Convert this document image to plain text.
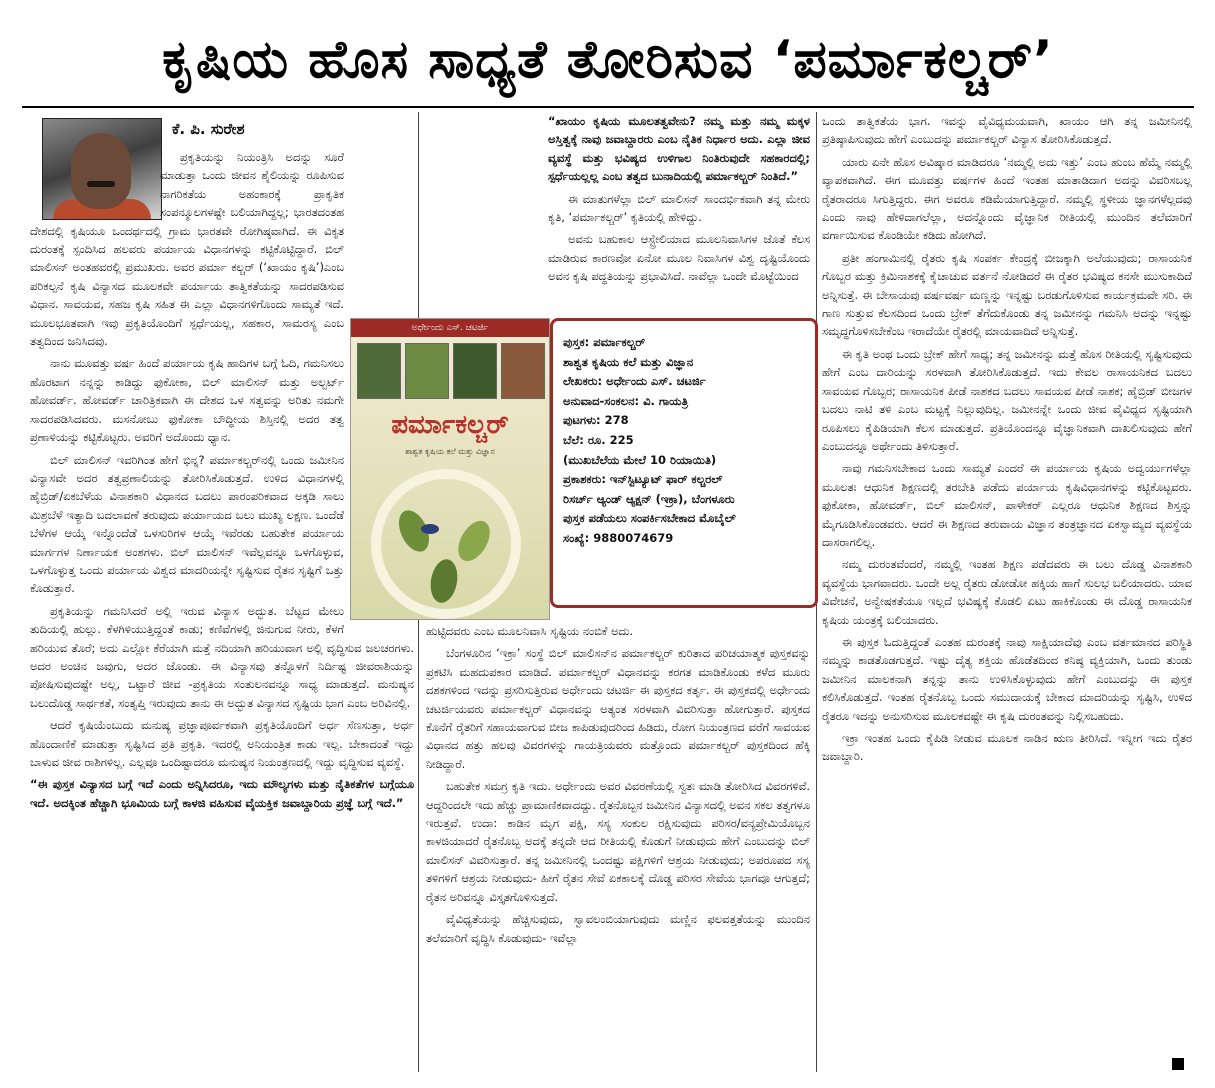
ಕೃಷಿಯ ಹೊಸ ಸಾಧ್ಯತೆ ತೋರಿಸುವ ‘ಪರ್ಮಾಕಲ್ಚರ್’
ಕೆ. ಪಿ. ಸುರೇಶ

ಪ್ರಕೃತಿಯನ್ನು ನಿಯಂತ್ರಿಸಿ ಅದನ್ನು ಸೂರೆ ಮಾಡುತ್ತಾ ಒಂದು ಜೀವನ ಶೈಲಿಯನ್ನು ರೂಪಿಸುವ ನಾಗರಿಕತೆಯ ಅಹಂಕಾರಕ್ಕೆ ಪ್ರಾಕೃತಿಕ ಸಂಪನ್ಮೂಲಗಳಷ್ಟೇ ಬಲಿಯಾಗಿದ್ದಲ್ಲ; ಭಾರತದಂತಹ ದೇಶದಲ್ಲಿ ಕೃಷಿಯೂ ಒಂದರ್ಥದಲ್ಲಿ ಗ್ರಾಮ ಭಾರತವೇ ರೋಗಿಷ್ಠವಾಗಿದೆ. ಈ ವಿಕೃತ ದುರಂತಕ್ಕೆ ಸ್ಪಂದಿಸಿದ ಹಲವರು ಪರ್ಯಾಯ ವಿಧಾನಗಳನ್ನು ಕಟ್ಟಿಕೊಟ್ಟಿದ್ದಾರೆ. ಬಿಲ್ ಮಾಲಿಸನ್ ಅಂತಹವರಲ್ಲಿ ಪ್ರಮುಖರು. ಅವರ ಪರ್ಮಾ ಕಲ್ಚರ್ (‘ಖಾಯಂ ಕೃಷಿ’)ಎಂಬ ಪರಿಕಲ್ಪನೆ ಕೃಷಿ ವಿನ್ಯಾಸದ ಮೂಲಕವೇ ಪರ್ಯಾಯ ತಾತ್ವಿಕತೆಯನ್ನು ಸಾದರಪಡಿಸುವ ವಿಧಾನ. ಸಾವಯವ, ಸಹಜ ಕೃಷಿ ಸಹಿತ ಈ ಎಲ್ಲಾ ವಿಧಾನಗಳಿಗೊಂದು ಸಾಮ್ಯತೆ ಇದೆ. ಮೂಲಭೂತವಾಗಿ ಇವು ಪ್ರಕೃತಿಯೊಂದಿಗೆ ಸ್ಪರ್ಧೆಯಲ್ಲ, ಸಹಕಾರ, ಸಾಮರಸ್ಯ ಎಂಬ ತತ್ವದಿಂದ ಜನಿಸಿದವು.

ನಾನು ಮೂವತ್ತು ವರ್ಷ ಹಿಂದೆ ಪರ್ಯಾಯ ಕೃಷಿ ಹಾದಿಗಳ ಬಗ್ಗೆ ಓದಿ, ಗಮನಿಸಲು ಹೊರಟಾಗ ನನ್ನನ್ನು ಕಾಡಿದ್ದು ಫುಕೋಕಾ, ಬಿಲ್ ಮಾಲಿಸನ್ ಮತ್ತು ಅಲ್ಬರ್ಟ್ ಹೋವರ್ಡ್. ಹೋವರ್ಡ್ ಚಾರಿತ್ರಿಕವಾಗಿ ಈ ದೇಶದ ಒಳ ಸತ್ವವನ್ನು ಅರಿತು ನಮಗೇ ಸಾದರಪಡಿಸಿದವರು. ಮಸನೋಬು ಫುಕೋಕಾ ಬೌದ್ಧೀಯ ಶಿಸ್ತಿನಲ್ಲಿ ಅದರ ತತ್ವ ಪ್ರಣಾಳಿಯನ್ನು ಕಟ್ಟಿಕೊಟ್ಟರು. ಅವರಿಗೆ ಅದೊಂದು ಧ್ಯಾನ.

ಬಿಲ್ ಮಾಲಿಸನ್ ಇವರಿಗಿಂತ ಹೇಗೆ ಭಿನ್ನ? ಪರ್ಮಾಕಲ್ಚರ್‌ನಲ್ಲಿ ಒಂದು ಜಮೀನಿನ ವಿನ್ಯಾಸವೇ ಅದರ ತತ್ವಪ್ರಣಾಲಿಯನ್ನು ತೋರಿಸಿಕೊಡುತ್ತದೆ. ಉಳಿದ ವಿಧಾನಗಳಲ್ಲಿ ಹೈಬ್ರಿಡ್/ಏಕಬೆಳೆಯ ವಿನಾಶಕಾರಿ ವಿಧಾನದ ಬದಲು ಪಾರಂಪರಿಕವಾದ ಅಕ್ಕಡಿ ಸಾಲು ಮಿಶ್ರಬೆಳೆ ಇತ್ಯಾದಿ ಬದಲಾವಣೆ ತರುವುದು ಪರ್ಯಾಯದ ಬಲು ಮುಖ್ಯ ಲಕ್ಷಣ. ಒಂದೆಡೆ ಬೆಳೆಗಳ ಆಯ್ಕೆ ಇನ್ನೊಂದೆಡೆ ಒಳಸುರಿಗಳ ಆಯ್ಕೆ ಇವೆರಡು ಬಹುತೇಕ ಪರ್ಯಾಯ ಮಾರ್ಗಗಳ ನಿರ್ಣಾಯಕ ಅಂಶಗಳು. ಬಿಲ್ ಮಾಲಿಸನ್ ಇವೆಲ್ಲವನ್ನೂ ಒಳಗೊಳ್ಳುವ, ಒಳಗೊಳ್ಳುತ್ತ ಒಂದು ಪರ್ಯಾಯ ವಿಶ್ವದ ಮಾದರಿಯನ್ನೇ ಸೃಷ್ಟಿಸುವ ರೈತನ ಸೃಷ್ಟಿಗೆ ಒತ್ತು ಕೊಡುತ್ತಾರೆ.

ಪ್ರಕೃತಿಯನ್ನು ಗಮನಿಸಿದರೆ ಅಲ್ಲಿ ಇರುವ ವಿನ್ಯಾಸ ಅದ್ಭುತ. ಬೆಟ್ಟದ ಮೇಲು ತುದಿಯಲ್ಲಿ ಹುಲ್ಲು. ಕೆಳಗಿಳಿಯುತ್ತಿದ್ದಂತೆ ಕಾಡು; ಕಣಿವೆಗಳಲ್ಲಿ ಜಿನುಗುವ ನೀರು, ಕೆಳಗೆ ಹರಿಯುವ ತೊರೆ; ಅದು ಎಲ್ಲೋ ಕೆರೆಯಾಗಿ ಮತ್ತೆ ನದಿಯಾಗಿ ಹರಿಯುವಾಗ ಅಲ್ಲಿ ವೃದ್ಧಿಸುವ ಜಲಚರಗಳು. ಅದರ ಅಂಚಿನ ಜವುಗು, ಅದರ ಜೊಂಡು. ಈ ವಿನ್ಯಾಸವು ತನ್ನೊಳಗೆ ನಿರ್ದಿಷ್ಟ ಜೀವರಾಶಿಯನ್ನು ಪೋಷಿಸುವುದಷ್ಟೇ ಅಲ್ಲ, ಒಟ್ಟಾರೆ ಜೀವ -ಪ್ರಕೃತಿಯ ಸಂತುಲನವನ್ನೂ ಸಾಧ್ಯ ಮಾಡುತ್ತದೆ. ಮನುಷ್ಯನ ಬಲುದೊಡ್ಡ ಸಾರ್ಥಕತೆ, ಸಂತೃಪ್ತಿ ಇರುವುದು ತಾನು ಈ ಅದ್ಭುತ ವಿನ್ಯಾಸದ ಸೃಷ್ಟಿಯ ಭಾಗ ಎಂಬ ಅರಿವಿನಲ್ಲಿ.

ಆದರೆ ಕೃಷಿಯೆಂಬುದು ಮನುಷ್ಯ ಪ್ರಜ್ಞಾಪೂರ್ವಕವಾಗಿ ಪ್ರಕೃತಿಯೊಂದಿಗೆ ಅರ್ಧ ಸೆಣಸುತ್ತಾ, ಅರ್ಧ ಹೊಂದಾಣಿಕೆ ಮಾಡುತ್ತಾ ಸೃಷ್ಟಿಸಿದ ಪ್ರತಿ ಪ್ರಕೃತಿ. ಇದರಲ್ಲಿ ಅನಿಯಂತ್ರಿತ ಕಾಡು ಇಲ್ಲ. ಬೇಕಾದಂತೆ ಇದ್ದು ಬಾಳುವ ಜೀವ ರಾಶಿಗಳಿಲ್ಲ. ಎಲ್ಲವೂ ಒಂದಿಷ್ಟಾದರೂ ಮನುಷ್ಯನ ನಿಯಂತ್ರಣದಲ್ಲಿ ಇದ್ದು ವೃದ್ಧಿಸುವ ವ್ಯವಸ್ಥೆ.

“ಈ ಪುಸ್ತಕ ವಿನ್ಯಾಸದ ಬಗ್ಗೆ ಇದೆ ಎಂದು ಅನ್ನಿಸಿದರೂ, ಇದು ಮೌಲ್ಯಗಳು ಮತ್ತು ನೈತಿಕತೆಗಳ ಬಗ್ಗೆಯೂ ಇದೆ. ಅದಕ್ಕಿಂತ ಹೆಚ್ಚಾಗಿ ಭೂಮಿಯ ಬಗ್ಗೆ ಕಾಳಜಿ ವಹಿಸುವ ವೈಯಕ್ತಿಕ ಜವಾಬ್ದಾರಿಯ ಪ್ರಜ್ಞೆ ಬಗ್ಗೆ ಇದೆ.”

“ಖಾಯಂ ಕೃಷಿಯ ಮೂಲತತ್ವವೇನು? ನಮ್ಮ ಮತ್ತು ನಮ್ಮ ಮಕ್ಕಳ ಅಸ್ತಿತ್ವಕ್ಕೆ ನಾವು ಜವಾಬ್ದಾರರು ಎಂಬ ನೈತಿಕ ನಿರ್ಧಾರ ಅದು. ಎಲ್ಲಾ ಜೀವ ವ್ಯವಸ್ಥೆ ಮತ್ತು ಭವಿಷ್ಯದ ಉಳಿಗಾಲ ನಿಂತಿರುವುದೇ ಸಹಕಾರದಲ್ಲಿ; ಸ್ಪರ್ಧೆಯಲ್ಲಲ್ಲ ಎಂಬ ತತ್ವದ ಬುನಾದಿಯಲ್ಲಿ ಪರ್ಮಾಕಲ್ಚರ್ ನಿಂತಿದೆ.”

ಈ ಮಾತುಗಳೆಲ್ಲಾ ಬಿಲ್ ಮಾಲಿಸನ್ ಸಾಂದರ್ಭಿಕವಾಗಿ ತನ್ನ ಮೇರು ಕೃತಿ, ‘ಪರ್ಮಾಕಲ್ಚರ್’ ಕೃತಿಯಲ್ಲಿ ಹೇಳಿದ್ದು.

ಅವನು ಬಹುಕಾಲ ಆಸ್ಟ್ರೇಲಿಯಾದ ಮೂಲನಿವಾಸಿಗಳ ಜೊತೆ ಕೆಲಸ ಮಾಡಿರುವ ಕಾರಣವೋ ಏನೋ ಮೂಲ ನಿವಾಸಿಗಳ ವಿಶ್ವ ದೃಷ್ಟಿಯೊಂದು ಅವನ ಕೃಷಿ ಪದ್ಧತಿಯನ್ನು ಪ್ರಭಾವಿಸಿದೆ. ನಾವೆಲ್ಲಾ ಒಂದೇ ಮೊಟ್ಟೆಯಿಂದ

ಅರ್ಧೇಂದು ಎಸ್. ಚಟರ್ಜಿ
ಪರ್ಮಾಕಲ್ಚರ್
ಶಾಶ್ವತ ಕೃಷಿಯ ಕಲೆ ಮತ್ತು ವಿಜ್ಞಾನ
ಪುಸ್ತಕ: ಪರ್ಮಾಕಲ್ಚರ್
ಶಾಶ್ವತ ಕೃಷಿಯ ಕಲೆ ಮತ್ತು ವಿಜ್ಞಾನ
ಲೇಖಕರು: ಅರ್ಧೇಂದು ಎಸ್. ಚಟರ್ಜಿ
ಅನುವಾದ-ಸಂಕಲನ: ವಿ. ಗಾಯತ್ರಿ
ಪುಟಗಳು: 278
ಬೆಲೆ: ರೂ. 225
(ಮುಖಬೆಲೆಯ ಮೇಲೆ 10 ರಿಯಾಯಿತಿ)
ಪ್ರಕಾಶಕರು: ಇನ್‌ಸ್ಟಿಟ್ಯೂಟ್ ಫಾರ್ ಕಲ್ಚರಲ್
ರಿಸರ್ಚ್ ಆ್ಯಂಡ್ ಆ್ಯಕ್ಷನ್ (ಇಕ್ರಾ), ಬೆಂಗಳೂರು
ಪುಸ್ತಕ ಪಡೆಯಲು ಸಂಪರ್ಕಿಸಬೇಕಾದ ಮೊಬೈಲ್
ಸಂಖ್ಯೆ: 9880074679

ಹುಟ್ಟಿದವರು ಎಂಬ ಮೂಲನಿವಾಸಿ ಸೃಷ್ಟಿಯ ನಂಬಿಕೆ ಅದು.

ಬೆಂಗಳೂರಿನ ‘ಇಕ್ರಾ’ ಸಂಸ್ಥೆ ಬಿಲ್ ಮಾಲಿಸನ್‌ನ ಪರ್ಮಾಕಲ್ಚರ್ ಕುರಿತಾದ ಪರಿಚಯಾತ್ಮಕ ಪುಸ್ತಕವನ್ನು ಪ್ರಕಟಿಸಿ ಮಹದುಪಕಾರ ಮಾಡಿದೆ. ಪರ್ಮಾಕಲ್ಚರ್ ವಿಧಾನವನ್ನು ಕರಗತ ಮಾಡಿಕೊಂಡು ಕಳೆದ ಮೂರು ದಶಕಗಳಿಂದ ಇದನ್ನು ಪ್ರಸರಿಸುತ್ತಿರುವ ಅರ್ಧೇಂದು ಚಟರ್ಜಿ ಈ ಪುಸ್ತಕದ ಕರ್ತೃ. ಈ ಪುಸ್ತಕದಲ್ಲಿ ಅರ್ಧೇಂದು ಚಟರ್ಜಿಯವರು ಪರ್ಮಾಕಲ್ಚರ್ ವಿಧಾನವನ್ನು ಅತ್ಯಂತ ಸರಳವಾಗಿ ವಿವರಿಸುತ್ತಾ ಹೋಗುತ್ತಾರೆ. ಪುಸ್ತಕದ ಕೊನೆಗೆ ರೈತರಿಗೆ ಸಹಾಯವಾಗುವ ಬೀಜ ಕಾಪಿಡುವುದರಿಂದ ಹಿಡಿದು, ರೋಗ ನಿಯಂತ್ರಣದ ವರೆಗೆ ಸಾವಯವ ವಿಧಾನದ ಹತ್ತು ಹಲವು ವಿವರಗಳನ್ನು ಗಾಯತ್ರಿಯವರು ಮತ್ತೊಂದು ಪರ್ಮಾಕಲ್ಚರ್ ಪುಸ್ತಕದಿಂದ ಹೆಕ್ಕಿ ನೀಡಿದ್ದಾರೆ.

ಬಹುತೇಕ ಸಮಗ್ರ ಕೃತಿ ಇದು. ಅರ್ಧೇಂದು ಅವರ ವಿವರಣೆಯಲ್ಲಿ ಸ್ವತಃ ಮಾಡಿ ತೋರಿಸಿದ ವಿವರಗಳಿವೆ. ಆದ್ದರಿಂದಲೇ ಇದು ಹೆಚ್ಚು ಪ್ರಾಮಾಣಿಕವಾದದ್ದು. ರೈತನೊಬ್ಬನ ಜಮೀನಿನ ವಿನ್ಯಾಸದಲ್ಲಿ ಅವನ ಸಕಲ ತತ್ವಗಳೂ ಇರುತ್ತವೆ. ಉದಾ: ಕಾಡಿನ ಮೃಗ ಪಕ್ಷಿ, ಸಸ್ಯ ಸಂಕುಲ ರಕ್ಷಿಸುವುದು ಪರಿಸರ/ವನ್ಯಪ್ರೇಮಿಯೊಬ್ಬನ ಕಾಳಜಿಯಾದರೆ ರೈತನೊಬ್ಬ ಅದಕ್ಕೆ ತನ್ನದೇ ಆದ ರೀತಿಯಲ್ಲಿ ಕೊಡುಗೆ ನೀಡುವುದು ಹೇಗೆ ಎಂಬುದನ್ನು ಬಿಲ್ ಮಾಲಿಸನ್ ವಿವರಿಸುತ್ತಾರೆ. ತನ್ನ ಜಮೀನಿನಲ್ಲಿ ಒಂದಷ್ಟು ಪಕ್ಷಿಗಳಿಗೆ ಆಶ್ರಯ ನೀಡುವುದು; ಅಪರೂಪದ ಸಸ್ಯ ತಳಿಗಳಿಗೆ ಆಶ್ರಯ ನೀಡುವುದು- ಹೀಗೆ ರೈತನ ಸೇವೆ ಏಕಕಾಲಕ್ಕೆ ದೊಡ್ಡ ಪರಿಸರ ಸೇವೆಯ ಭಾಗವೂ ಆಗುತ್ತದೆ; ರೈತನ ಅರಿವನ್ನೂ ವಿಸ್ತೃತಗೊಳಿಸುತ್ತದೆ.

ವೈವಿಧ್ಯತೆಯನ್ನು ಹೆಚ್ಚಿಸುವುದು, ಸ್ವಾವಲಂಬಿಯಾಗುವುದು ಮಣ್ಣಿನ ಫಲವತ್ತತೆಯನ್ನು ಮುಂದಿನ ತಲೆಮಾರಿಗೆ ವೃದ್ಧಿಸಿ ಕೊಡುವುದು- ಇವೆಲ್ಲಾ

ಒಂದು ತಾತ್ವಿಕತೆಯ ಭಾಗ. ಇವನ್ನು ವೈವಿಧ್ಯಮಯವಾಗಿ, ಖಾಯಂ ಆಗಿ ತನ್ನ ಜಮೀನಿನಲ್ಲಿ ಪ್ರತಿಷ್ಠಾಪಿಸುವುದು ಹೇಗೆ ಎಂಬುದನ್ನು ಪರ್ಮಾಕಲ್ಚರ್ ವಿನ್ಯಾಸ ತೋರಿಸಿಕೊಡುತ್ತದೆ.

ಯಾರು ಏನೇ ಹೊಸ ಅವಿಷ್ಕಾರ ಮಾಡಿದರೂ ‘ನಮ್ಮಲ್ಲಿ ಅದು ಇತ್ತು’ ಎಂಬ ಹುಂಬ ಹೆಮ್ಮೆ ನಮ್ಮಲ್ಲಿ ವ್ಯಾಪಕವಾಗಿದೆ. ಈಗ ಮೂವತ್ತು ವರ್ಷಗಳ ಹಿಂದೆ ಇಂತಹ ಮಾತಾಡಿದಾಗ ಅದನ್ನು ವಿವರಿಸಬಲ್ಲ ರೈತರಾದರೂ ಸಿಗುತ್ತಿದ್ದರು. ಈಗ ಅವರೂ ಕಡಿಮೆಯಾಗುತ್ತಿದ್ದಾರೆ. ನಮ್ಮಲ್ಲಿ ಸ್ಥಳೀಯ ಜ್ಞಾನಗಳೆಲ್ಲದವು ಎಂದು ನಾವು ಹೇಳಿದಾಗಲೆಲ್ಲಾ, ಅದನ್ನೊಂದು ವೈಜ್ಞಾನಿಕ ರೀತಿಯಲ್ಲಿ ಮುಂದಿನ ತಲೆಮಾರಿಗೆ ವರ್ಗಾಯಿಸುವ ಕೊಂಡಿಯೇ ಕಡಿದು ಹೋಗಿದೆ.

ಪ್ರತೀ ಹಂಗಾಮಿನಲ್ಲಿ ರೈತರು ಕೃಷಿ ಸಂಪರ್ಕ ಕೇಂದ್ರಕ್ಕೆ ಬೀಜಕ್ಕಾಗಿ ಅಲೆಯುವುದು; ರಾಸಾಯನಿಕ ಗೊಬ್ಬರ ಮತ್ತು ಕ್ರಿಮಿನಾಶಕಕ್ಕೆ ಕೈಚಾಚುವ ವರ್ತನೆ ನೋಡಿದರೆ ಈ ರೈತರ ಭವಿಷ್ಯದ ಕನಸೇ ಮುಸುಕಾದಿದೆ ಅನ್ನಿಸುತ್ತೆ. ಈ ಬೇಸಾಯವು ವರ್ಷವರ್ಷ ಮಣ್ಣನ್ನು ಇನ್ನಷ್ಟು ಬರಡುಗೊಳಿಸುವ ಕಾರ್ಯಕ್ರಮವೇ ಸರಿ. ಈ ಗಾಣ ಸುತ್ತುವ ಕೆಲಸದಿಂದ ಒಂದು ಬ್ರೇಕ್ ತೆಗೆದುಕೊಂಡು ತನ್ನ ಜಮೀನನ್ನು ಗಮನಿಸಿ ಅದನ್ನು ಇನ್ನಷ್ಟು ಸಮೃದ್ಧಗೊಳಿಸಬೇಕೆಂಬ ಇರಾದೆಯೇ ರೈತರಲ್ಲಿ ಮಾಯವಾದಿದೆ ಅನ್ನಿಸುತ್ತೆ.

ಈ ಕೃತಿ ಅಂಥ ಒಂದು ಬ್ರೇಕ್ ಹೇಗೆ ಸಾಧ್ಯ; ತನ್ನ ಜಮೀನನ್ನು ಮತ್ತೆ ಹೊಸ ರೀತಿಯಲ್ಲಿ ಸೃಷ್ಟಿಸುವುದು ಹೇಗೆ ಎಂಬ ದಾರಿಯನ್ನು ಸರಳವಾಗಿ ತೋರಿಸಿಕೊಡುತ್ತದೆ. ಇದು ಕೇವಲ ರಾಸಾಯನಿಕದ ಬದಲು ಸಾವಯವ ಗೊಬ್ಬರ; ರಾಸಾಯನಿಕ ಪೀಡೆ ನಾಶಕದ ಬದಲು ಸಾವಯವ ಪೀಡೆ ನಾಶಕ; ಹೈಬ್ರಿಡ್ ಬೀಜಗಳ ಬದಲು ನಾಟಿ ತಳಿ ಎಂಬ ಮಟ್ಟಕ್ಕೆ ನಿಲ್ಲುವುದಿಲ್ಲ. ಜಮೀನನ್ನೇ ಒಂದು ಜೀವ ವೈವಿಧ್ಯದ ಸೃಷ್ಟಿಯಾಗಿ ರೂಪಿಸಲು ಕೈಪಿಡಿಯಾಗಿ ಕೆಲಸ ಮಾಡುತ್ತದೆ. ಪ್ರತಿಯೊಂದನ್ನೂ ವೈಜ್ಞಾನಿಕವಾಗಿ ದಾಖಲಿಸುವುದು ಹೇಗೆ ಎಂಬುದನ್ನೂ ಅರ್ಥೇಂದು ತಿಳಿಸುತ್ತಾರೆ.

ನಾವು ಗಮನಿಸಬೇಕಾದ ಒಂದು ಸಾಮ್ಯತೆ ಎಂದರೆ ಈ ಪರ್ಯಾಯ ಕೃಷಿಯ ಅದ್ವರ್ಯುಗಳೆಲ್ಲಾ ಮೂಲತಃ ಆಧುನಿಕ ಶಿಕ್ಷಣದಲ್ಲಿ ತರಬೇತಿ ಪಡೆದು ಪರ್ಯಾಯ ಕೃಷಿವಿಧಾನಗಳನ್ನು ಕಟ್ಟಿಕೊಟ್ಟವರು. ಫುಕೋಕಾ, ಹೋವರ್ಡ್, ಬಿಲ್ ಮಾಲಿಸನ್, ಪಾಳೇಕರ್ ಎಲ್ಲರೂ ಆಧುನಿಕ ಶಿಕ್ಷಣದ ಶಿಸ್ತನ್ನು ಮೈಗೂಡಿಸಿಕೊಂಡವರು. ಆದರೆ ಈ ಶಿಕ್ಷಣದ ತರುವಾಯ ವಿಜ್ಞಾನ ತಂತ್ರಜ್ಞಾನದ ಏಕಸ್ವಾಮ್ಯದ ವ್ಯವಸ್ಥೆಯ ದಾಸರಾಗಲಿಲ್ಲ.

ನಮ್ಮ ದುರಂತವೆಂದರೆ, ನಮ್ಮಲ್ಲಿ ಇಂತಹ ಶಿಕ್ಷಣ ಪಡೆದವರು ಈ ಬಲು ದೊಡ್ಡ ವಿನಾಶಕಾರಿ ವ್ಯವಸ್ಥೆಯ ಭಾಗವಾದರು. ಒಂದೇ ಅಲ್ಲ ರೈತರು ಡೋಡೋ ಹಕ್ಕಿಯ ಹಾಗೆ ಸುಲಭ ಬಲಿಯಾದರು. ಯಾವ ವಿವೇಚನೆ, ಅನ್ವೇಷಕತೆಯೂ ಇಲ್ಲದೆ ಭವಿಷ್ಯಕ್ಕೆ ಕೊಡಲಿ ಏಟು ಹಾಕಿಕೊಂಡು ಈ ದೊಡ್ಡ ರಾಸಾಯನಿಕ ಕೃಷಿಯ ಯಂತ್ರಕ್ಕೆ ಬಲಿಯಾದರು.

ಈ ಪುಸ್ತಕ ಓದುತ್ತಿದ್ದಂತೆ ಎಂತಹ ದುರಂತಕ್ಕೆ ನಾವು ಸಾಕ್ಷಿಯಾದೆವು ಎಂಬ ವರ್ತಮಾನದ ಪರಿಸ್ಥಿತಿ ನಮ್ಮನ್ನು ಕಾಡತೊಡಗುತ್ತದೆ. ಇಷ್ಟು ದೈತ್ಯ ಶಕ್ತಿಯ ಹೊಡೆತದಿಂದ ಕನಿಷ್ಠ ವ್ಯಕ್ತಿಯಾಗಿ, ಒಂದು ತುಂಡು ಜಮೀನಿನ ಮಾಲಕನಾಗಿ ತನ್ನನ್ನು ತಾನು ಉಳಿಸಿಕೊಳ್ಳುವುದು ಹೇಗೆ ಎಂಬುದನ್ನು ಈ ಪುಸ್ತಕ ಕಲಿಸಿಕೊಡುತ್ತದೆ. ಇಂತಹ ರೈತನೊಬ್ಬ ಒಂದು ಸಮುದಾಯಕ್ಕೆ ಬೇಕಾದ ಮಾದರಿಯನ್ನು ಸೃಷ್ಟಿಸಿ, ಉಳಿದ ರೈತರೂ ಇದನ್ನು ಅನುಸರಿಸುವ ಮೂಲಕವಷ್ಟೇ ಈ ಕೃಷಿ ದುರಂತವನ್ನು ನಿಲ್ಲಿಸಬಹುದು.

ಇಕ್ರಾ ಇಂತಹ ಒಂದು ಕೈಪಿಡಿ ನೀಡುವ ಮೂಲಕ ನಾಡಿನ ಋಣ ತೀರಿಸಿದೆ. ಇನ್ನೀಗ ಇದು ರೈತರ ಜವಾಬ್ದಾರಿ.
